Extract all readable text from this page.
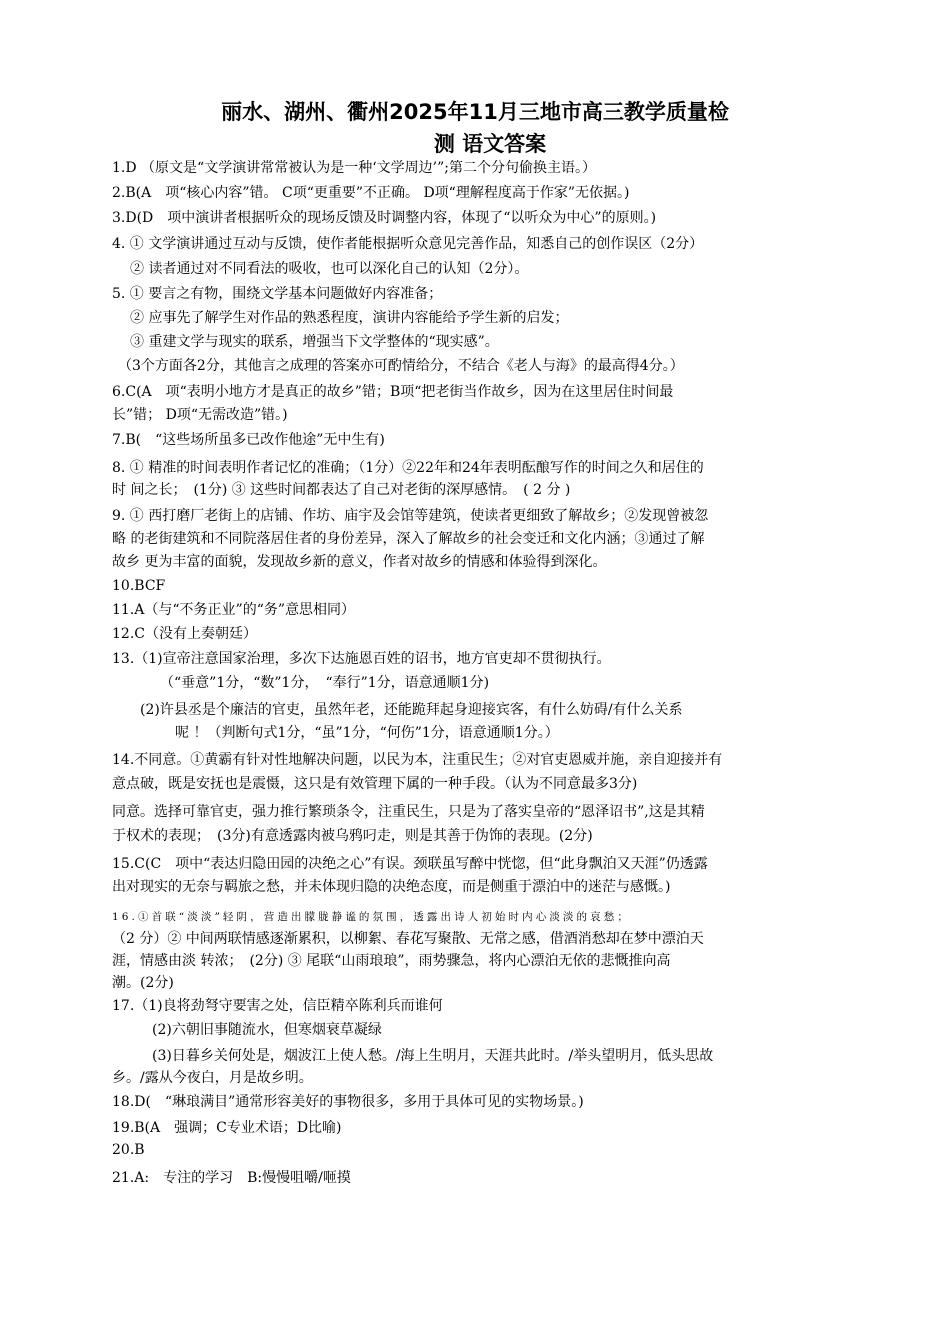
丽水、湖州、衢州2025年11月三地市高三教学质量检
测 语文答案
1.D （原文是“文学演讲常常被认为是一种‘文学周边’”;第二个分句偷换主语。）
2.B(A　项“核心内容”错。 C项“更重要”不正确。 D项“理解程度高于作家”无依据。)
3.D(D　项中演讲者根据听众的现场反馈及时调整内容，体现了“以听众为中心”的原则。)
4. ① 文学演讲通过互动与反馈，使作者能根据听众意见完善作品，知悉自己的创作误区（2分）
② 读者通过对不同看法的吸收，也可以深化自己的认知（2分）。
5. ① 要言之有物，围绕文学基本问题做好内容准备；
② 应事先了解学生对作品的熟悉程度，演讲内容能给予学生新的启发；
③ 重建文学与现实的联系，增强当下文学整体的“现实感”。
（3个方面各2分，其他言之成理的答案亦可酌情给分，不结合《老人与海》的最高得4分。）
6.C(A　项“表明小地方才是真正的故乡”错；B项“把老街当作故乡，因为在这里居住时间最
长”错； D项“无需改造”错。)
7.B(　“这些场所虽多已改作他途”无中生有)
8. ① 精准的时间表明作者记忆的准确；（1分）②22年和24年表明酝酿写作的时间之久和居住的
时 间之长；　(1分) ③ 这些时间都表达了自己对老街的深厚感情。　( 2 分 )
9. ① 西打磨厂老街上的店铺、作坊、庙宇及会馆等建筑，使读者更细致了解故乡；②发现曾被忽
略 的老街建筑和不同院落居住者的身份差异，深入了解故乡的社会变迁和文化内涵；③通过了解
故乡 更为丰富的面貌，发现故乡新的意义，作者对故乡的情感和体验得到深化。
10.BCF
11.A（与“不务正业”的“务”意思相同）
12.C（没有上奏朝廷）
13.（1)宣帝注意国家治理，多次下达施恩百姓的诏书，地方官吏却不贯彻执行。
（“垂意”1分，“数”1分，　“奉行”1分，语意通顺1分)
(2)许县丞是个廉洁的官吏，虽然年老，还能跪拜起身迎接宾客，有什么妨碍/有什么关系
呢 ！（判断句式1分，“虽”1分，“何伤”1分，语意通顺1分。）
14.不同意。①黄霸有针对性地解决问题，以民为本，注重民生；②对官吏恩威并施，亲自迎接并有
意点破，既是安抚也是震慑，这只是有效管理下属的一种手段。（认为不同意最多3分)
同意。选择可靠官吏，强力推行繁琐条令，注重民生，只是为了落实皇帝的“恩泽诏书”,这是其精
于权术的表现；　(3分)有意透露肉被乌鸦叼走，则是其善于伪饰的表现。(2分)
15.C(C　项中“表达归隐田园的决绝之心”有误。颈联虽写醉中恍惚，但“此身飘泊又天涯”仍透露
出对现实的无奈与羁旅之愁，并未体现归隐的决绝态度，而是侧重于漂泊中的迷茫与感慨。)
16.①首联“淡淡”轻阴，营造出朦胧静谧的氛围，透露出诗人初始时内心淡淡的哀愁；
（2 分）② 中间两联情感逐渐累积，以柳絮、春花写聚散、无常之感，借酒消愁却在梦中漂泊天
涯，情感由淡 转浓；　(2分) ③ 尾联“山雨琅琅”，雨势骤急，将内心漂泊无依的悲慨推向高
潮。(2分)
17.（1)良将劲弩守要害之处，信臣精卒陈利兵而谁何
(2)六朝旧事随流水，但寒烟衰草凝绿
(3)日暮乡关何处是，烟波江上使人愁。/海上生明月，天涯共此时。/举头望明月，低头思故
乡。/露从今夜白，月是故乡明。
18.D(　“琳琅满目”通常形容美好的事物很多，多用于具体可见的实物场景。)
19.B(A　强调；C专业术语；D比喻)
20.B
21.A:　专注的学习　B:慢慢咀嚼/咂摸
